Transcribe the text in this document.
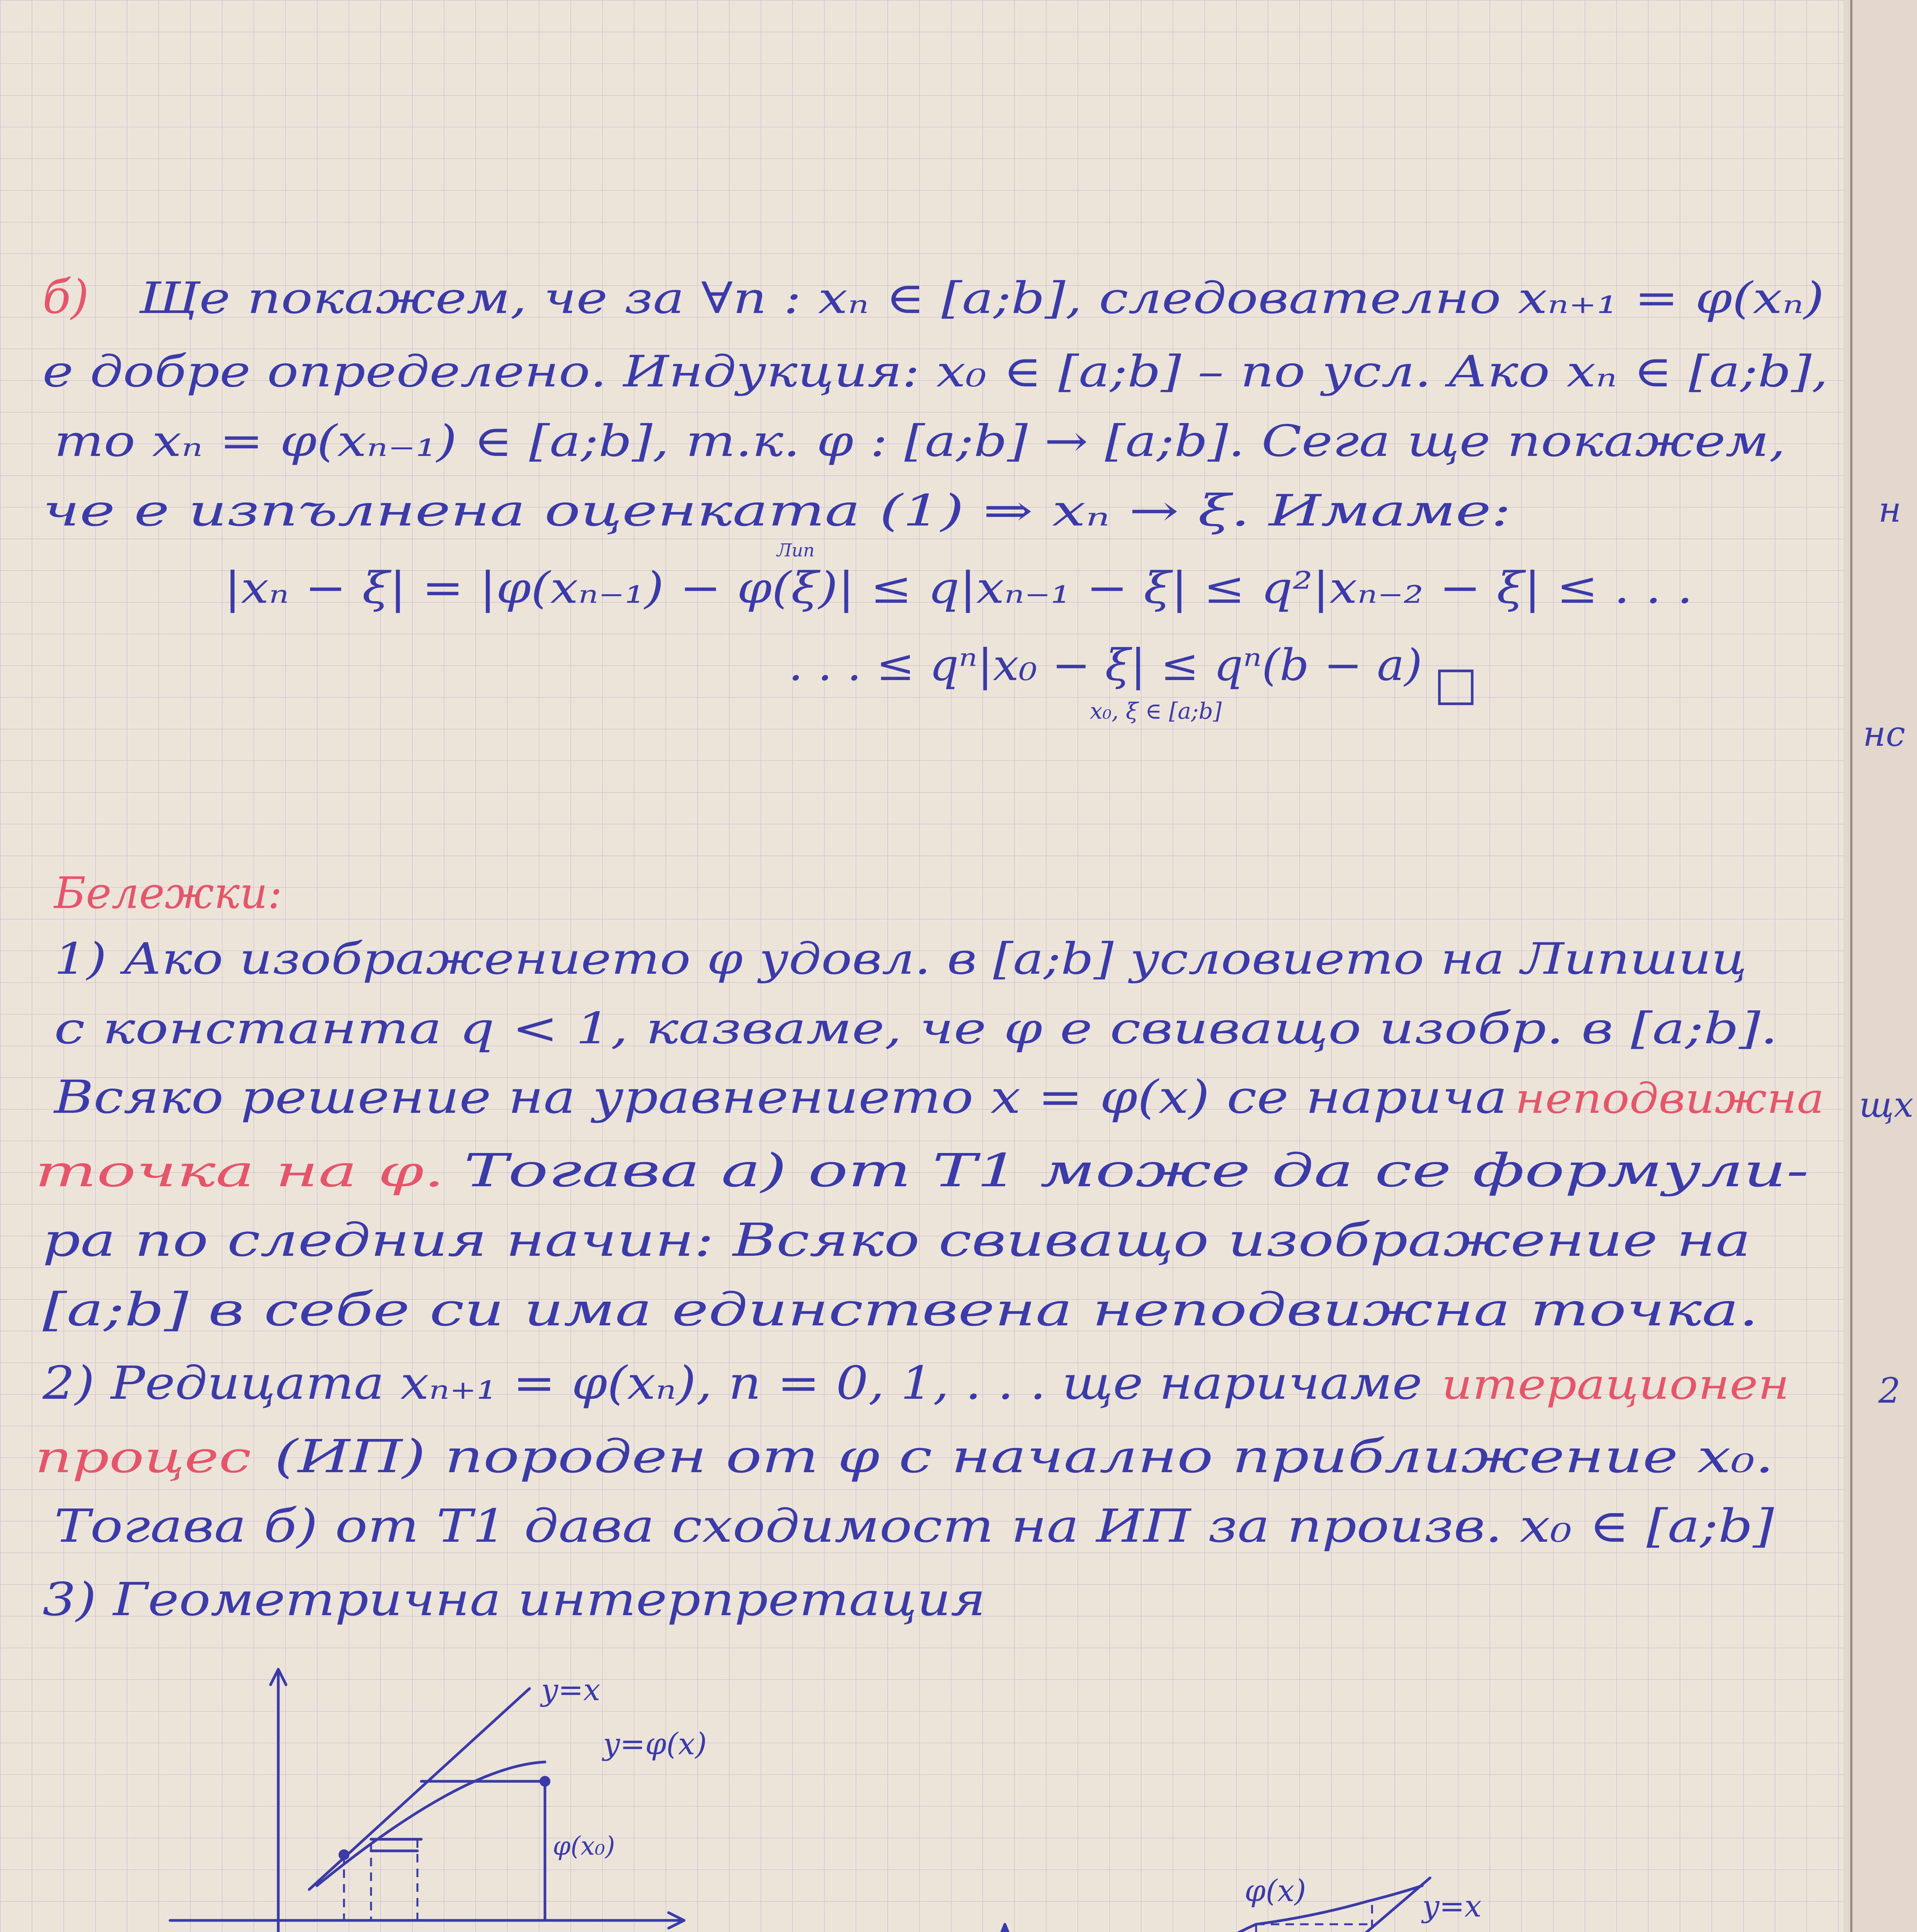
н
нс
щх
2
б) Ще покажем, че за ∀n : xₙ ∈ [a;b], следователно xₙ₊₁ = φ(xₙ)
е добре определено. Индукция: x₀ ∈ [a;b] – по усл. Ако xₙ ∈ [a;b],
то xₙ = φ(xₙ₋₁) ∈ [a;b], т.к. φ : [a;b] → [a;b]. Сега ще покажем,
че е изпълнена оценката (1) ⇒ xₙ → ξ. Имаме:
|xₙ − ξ| = |φ(xₙ₋₁) − φ(ξ)| ≤ q|xₙ₋₁ − ξ| ≤ q²|xₙ₋₂ − ξ| ≤ . . .
Лип
. . . ≤ qⁿ|x₀ − ξ| ≤ qⁿ(b − a)
x₀, ξ ∈ [a;b]
□
Бележки:
1) Ако изображението φ удовл. в [a;b] условието на Липшиц
с константа q < 1, казваме, че φ е свиващо изобр. в [a;b].
Всяко решение на уравнението x = φ(x) се нарича неподвижна
точка на φ. Тогава а) от Т1 може да се формули-
ра по следния начин: Всяко свиващо изображение на
[a;b] в себе си има единствена неподвижна точка.
2) Редицата xₙ₊₁ = φ(xₙ), n = 0, 1, . . . ще наричаме итерационен
процес (ИП) породен от φ с начално приближение x₀.
Тогава б) от Т1 дава сходимост на ИП за произв. x₀ ∈ [a;b]
3) Геометрична интерпретация
y=x
y=φ(x)
φ(x₀)
φ(x)	y=x
